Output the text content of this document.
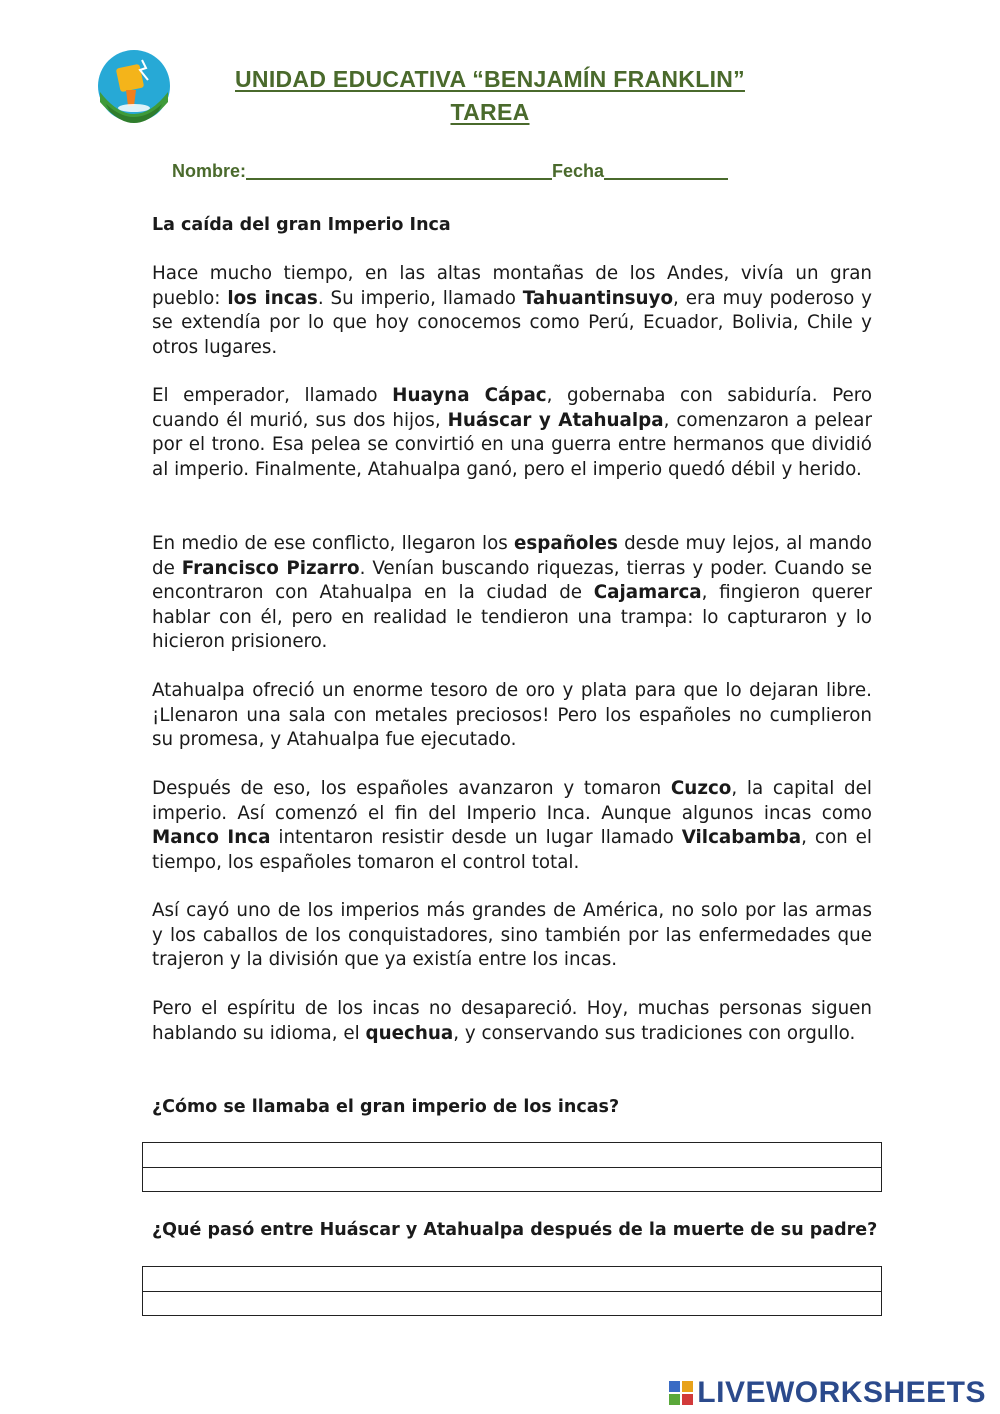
UNIDAD EDUCATIVA “BENJAMÍN FRANKLIN”
TAREA
Nombre:	Fecha
La caída del gran Imperio Inca

Hace mucho tiempo, en las altas montañas de los Andes, vivía un gran pueblo: los incas. Su imperio, llamado Tahuantinsuyo, era muy poderoso y se extendía por lo que hoy conocemos como Perú, Ecuador, Bolivia, Chile y otros lugares.

El emperador, llamado Huayna Cápac, gobernaba con sabiduría. Pero cuando él murió, sus dos hijos, Huáscar y Atahualpa, comenzaron a pelear por el trono. Esa pelea se convirtió en una guerra entre hermanos que dividió al imperio. Finalmente, Atahualpa ganó, pero el imperio quedó débil y herido.

En medio de ese conflicto, llegaron los españoles desde muy lejos, al mando de Francisco Pizarro. Venían buscando riquezas, tierras y poder. Cuando se encontraron con Atahualpa en la ciudad de Cajamarca, fingieron querer hablar con él, pero en realidad le tendieron una trampa: lo capturaron y lo hicieron prisionero.

Atahualpa ofreció un enorme tesoro de oro y plata para que lo dejaran libre. ¡Llenaron una sala con metales preciosos! Pero los españoles no cumplieron su promesa, y Atahualpa fue ejecutado.

Después de eso, los españoles avanzaron y tomaron Cuzco, la capital del imperio. Así comenzó el fin del Imperio Inca. Aunque algunos incas como Manco Inca intentaron resistir desde un lugar llamado Vilcabamba, con el tiempo, los españoles tomaron el control total.

Así cayó uno de los imperios más grandes de América, no solo por las armas y los caballos de los conquistadores, sino también por las enfermedades que trajeron y la división que ya existía entre los incas.

Pero el espíritu de los incas no desapareció. Hoy, muchas personas siguen hablando su idioma, el quechua, y conservando sus tradiciones con orgullo.

¿Cómo se llamaba el gran imperio de los incas?
¿Qué pasó entre Huáscar y Atahualpa después de la muerte de su padre?
LIVEWORKSHEETS
